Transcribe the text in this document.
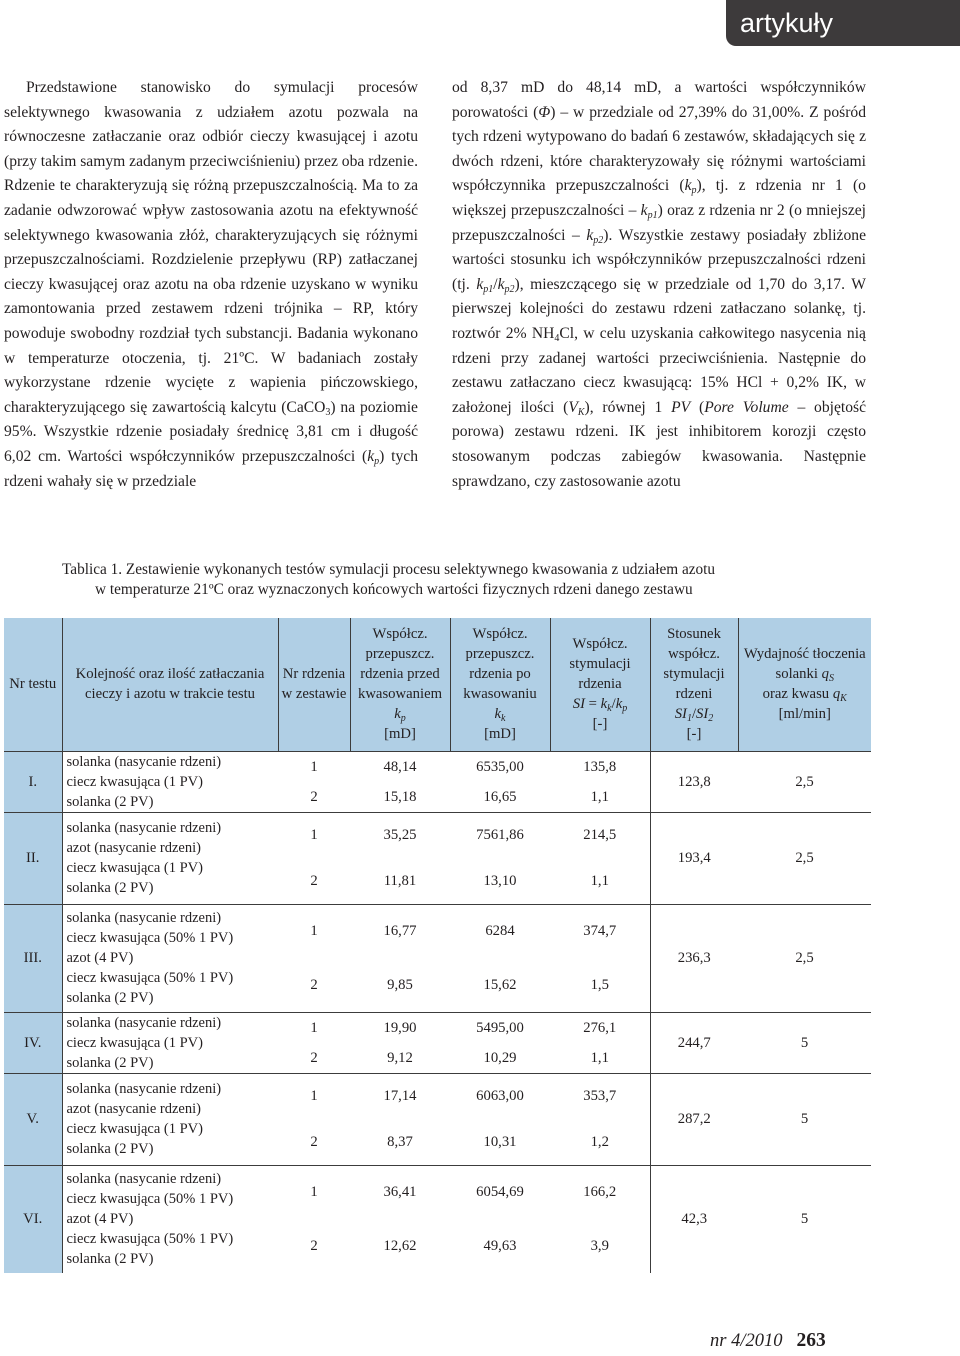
artykuły

Przedstawione stanowisko do symulacji procesów selektywnego kwasowania z udziałem azotu pozwala na równoczesne zatłaczanie oraz odbiór cieczy kwasującej i azotu (przy takim samym zadanym przeciwciśnieniu) przez oba rdzenie. Rdzenie te charakteryzują się różną przepuszczalnością. Ma to za zadanie odwzorować wpływ zastosowania azotu na efektywność selektywnego kwasowania złóż, charakteryzujących się różnymi przepuszczalnościami. Rozdzielenie przepływu (RP) zatłaczanej cieczy kwasującej oraz azotu na oba rdzenie uzyskano w wyniku zamontowania przed zestawem rdzeni trójnika – RP, który powoduje swobodny rozdział tych substancji. Badania wykonano w temperaturze otoczenia, tj. 21ºC. W badaniach zostały wykorzystane rdzenie wycięte z wapienia pińczowskiego, charakteryzującego się zawartością kalcytu (CaCO$_3$) na poziomie 95%. Wszystkie rdzenie posiadały średnicę 3,81 cm i długość 6,02 cm. Wartości współczynników przepuszczalności $(k_p)$ tych rdzeni wahały się w przedziale

od 8,37 mD do 48,14 mD, a wartości współczynników porowatości (Φ) – w przedziale od 27,39% do 31,00%. Z pośród tych rdzeni wytypowano do badań 6 zestawów, składających się z dwóch rdzeni, które charakteryzowały się różnymi wartościami współczynnika przepuszczalności $(k_p)$, tj. z rdzenia nr 1 (o większej przepuszczalności – $k_{p1}$) oraz z rdzenia nr 2 (o mniejszej przepuszczalności – $k_{p2}$). Wszystkie zestawy posiadały zbliżone wartości stosunku ich współczynników przepuszczalności rdzeni (tj. $k_{p1}/k_{p2}$), mieszczącego się w przedziale od 1,70 do 3,17. W pierwszej kolejności do zestawu rdzeni zatłaczano solankę, tj. roztwór 2% $NH_4Cl$, w celu uzyskania całkowitego nasycenia nią rdzeni przy zadanej wartości przeciwciśnienia. Następnie do zestawu zatłaczano ciecz kwasującą: 15% HCl + 0,2% IK, w założonej ilości $(V_K)$, równej 1 PV (Pore Volume – objętość porowa) zestawu rdzeni. IK jest inhibitorem korozji często stosowanym podczas zabiegów kwasowania. Następnie sprawdzano, czy zastosowanie azotu

Tablica 1. Zestawienie wykonanych testów symulacji procesu selektywnego kwasowania z udziałem azotu
w temperaturze 21ºC oraz wyznaczonych końcowych wartości fizycznych rdzeni danego zestawu
Nr testu	Kolejność oraz ilość zatłaczania cieczy i azotu w trakcie testu	Nr rdzenia w zestawie	Współcz. przepuszcz. rdzenia przed kwasowaniem
$k_p$
[mD]	Współcz. przepuszcz. rdzenia po kwasowaniu
$k_k$
[mD]	Współcz. stymulacji rdzenia
SI = $k_k/k_p$
[-]	Stosunek współcz. stymulacji rdzeni
$SI_1/SI_2$
[-]	Wydajność tłoczenia solanki $q_S$
oraz kwasu $q_K$
[ml/min]
I.	solanka (nasycanie rdzeni)
ciecz kwasująca (1 PV)
solanka (2 PV)	1	48,14	6535,00	135,8	123,8	2,5
		2	15,18	16,65	1,1		
II.	solanka (nasycanie rdzeni)
azot (nasycanie rdzeni)
ciecz kwasująca (1 PV)
solanka (2 PV)	1	35,25	7561,86	214,5	193,4	2,5
		2	11,81	13,10	1,1		
III.	solanka (nasycanie rdzeni)
ciecz kwasująca (50% 1 PV)
azot (4 PV)
ciecz kwasująca (50% 1 PV)
solanka (2 PV)	1	16,77	6284	374,7	236,3	2,5
		2	9,85	15,62	1,5		
IV.	solanka (nasycanie rdzeni)
ciecz kwasująca (1 PV)
solanka (2 PV)	1	19,90	5495,00	276,1	244,7	5
		2	9,12	10,29	1,1		
V.	solanka (nasycanie rdzeni)
azot (nasycanie rdzeni)
ciecz kwasująca (1 PV)
solanka (2 PV)	1	17,14	6063,00	353,7	287,2	5
		2	8,37	10,31	1,2		
VI.	solanka (nasycanie rdzeni)
ciecz kwasująca (50% 1 PV)
azot (4 PV)
ciecz kwasująca (50% 1 PV)
solanka (2 PV)	1	36,41	6054,69	166,2	42,3	5
		2	12,62	49,63	3,9		
nr 4/2010 263
